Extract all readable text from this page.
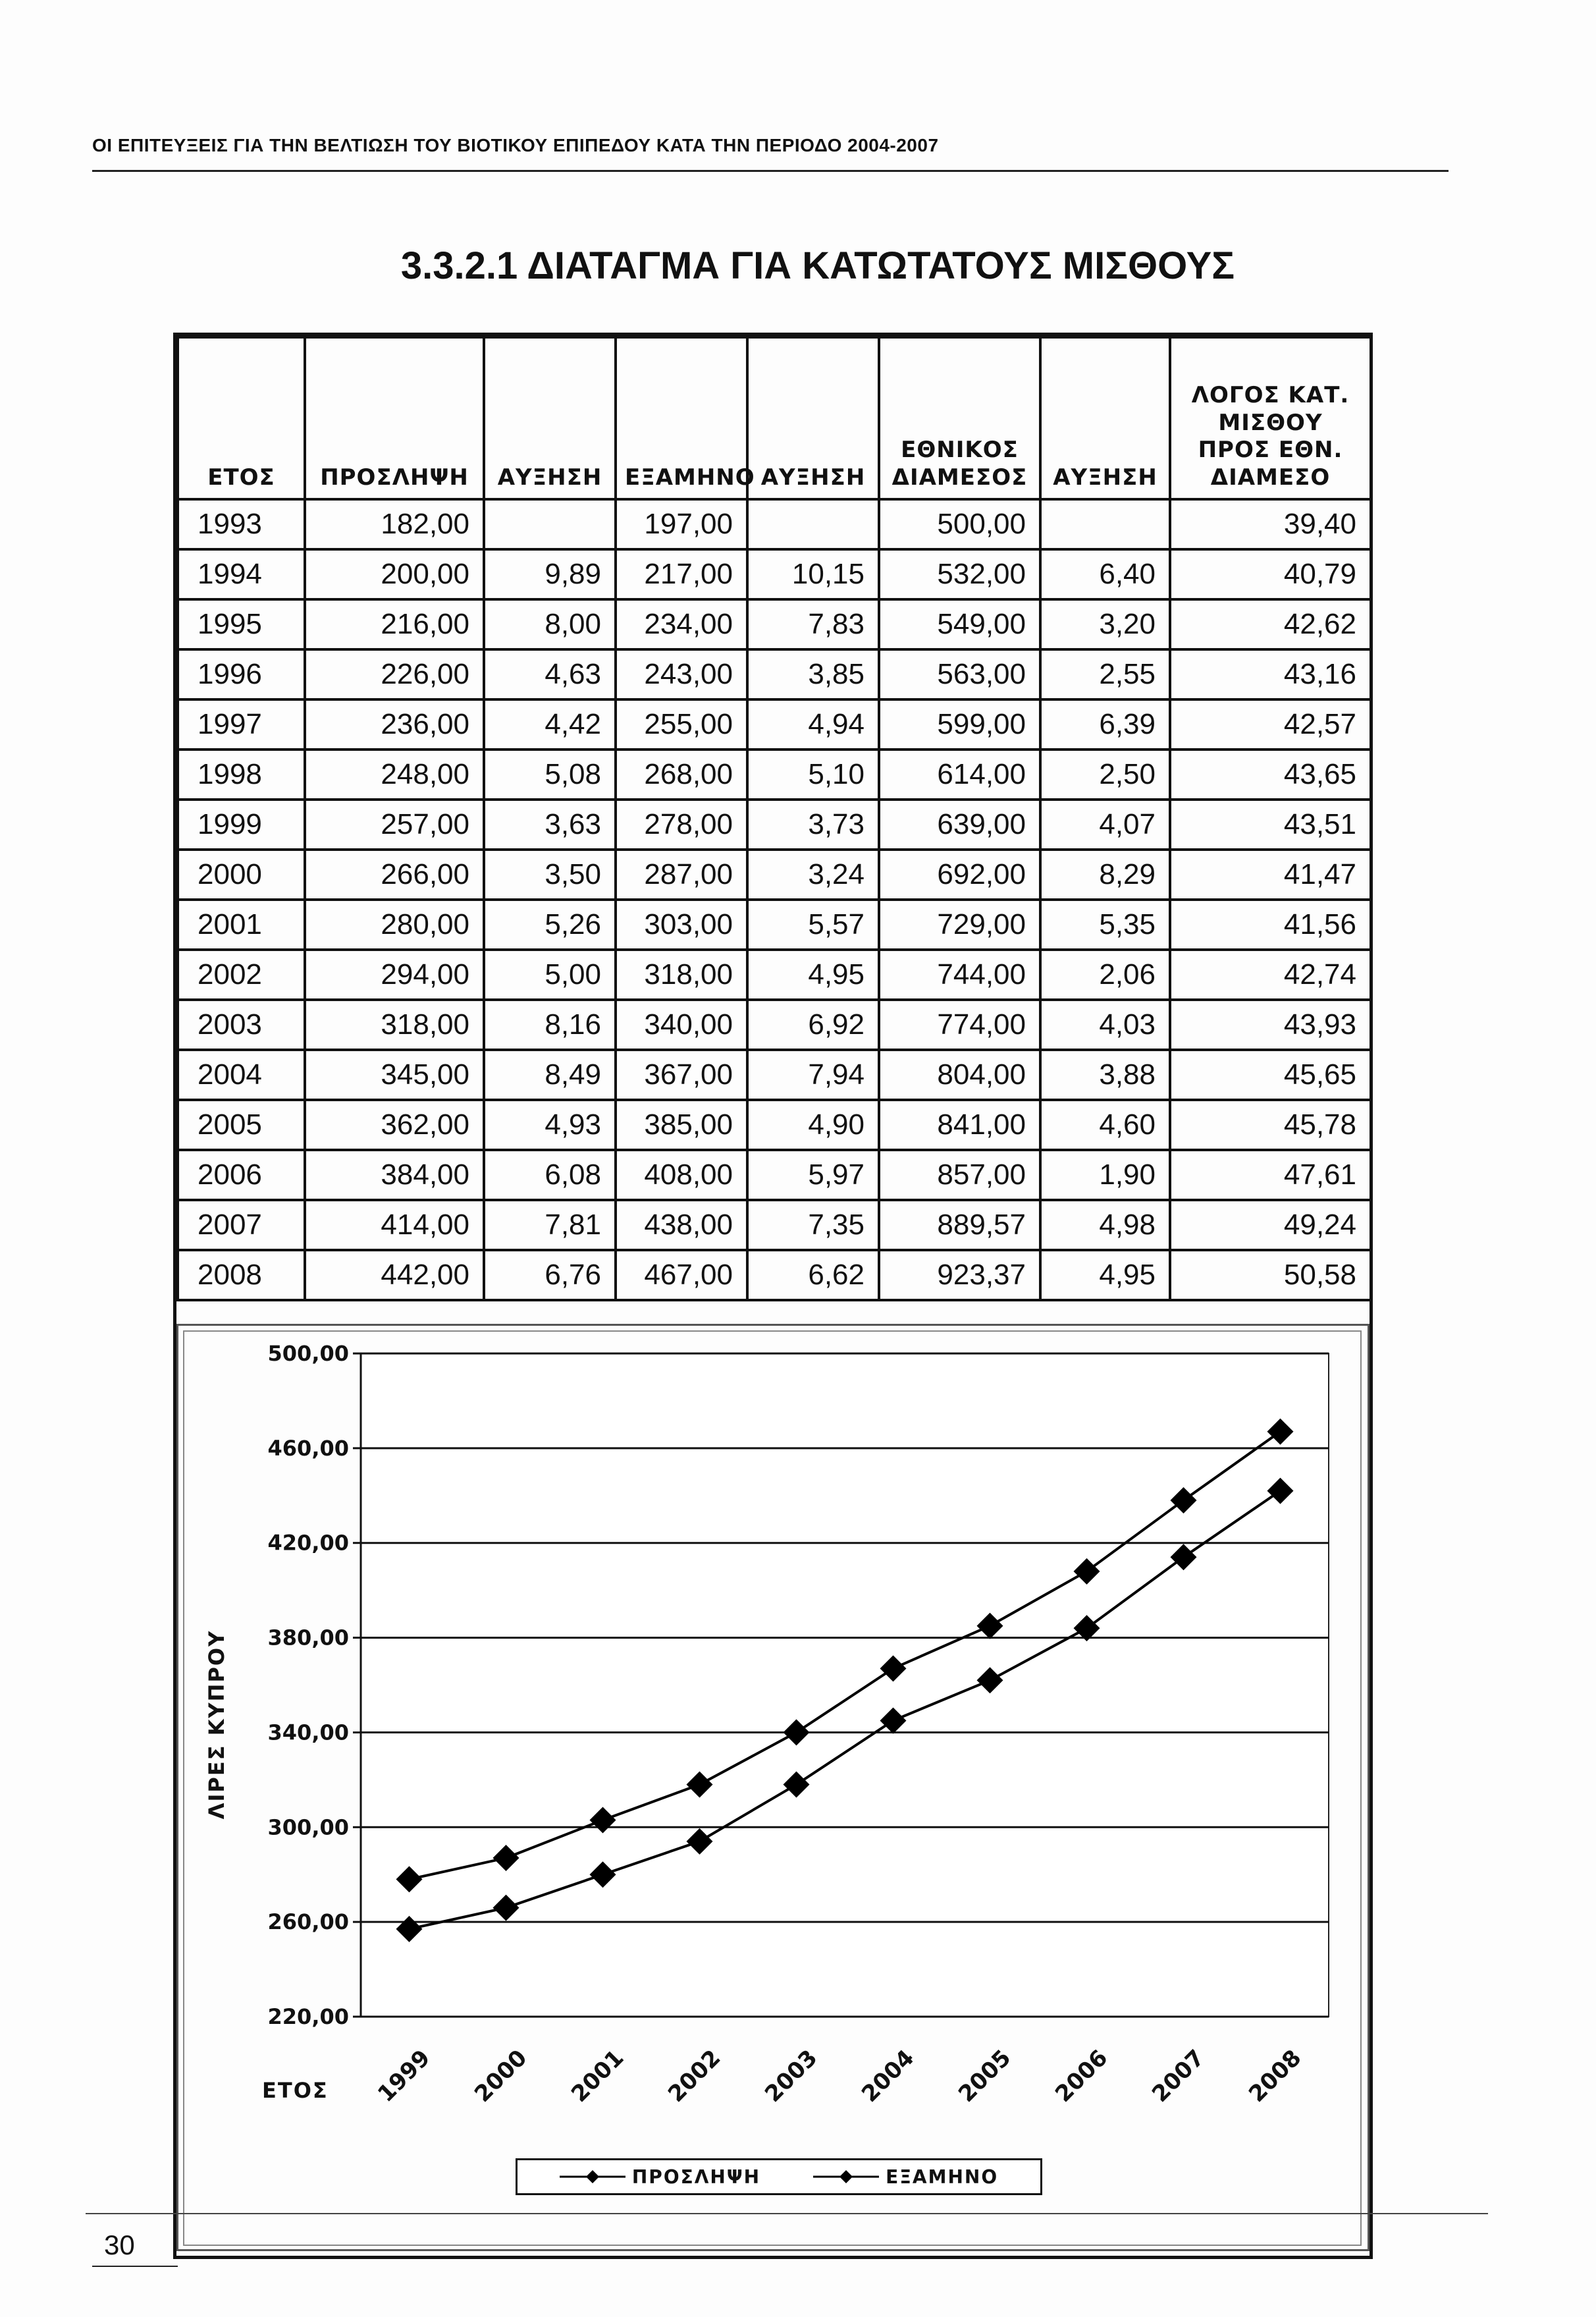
ΟΙ ΕΠΙΤΕΥΞΕΙΣ ΓΙΑ ΤΗΝ ΒΕΛΤΙΩΣΗ ΤΟΥ ΒΙΟΤΙΚΟΥ ΕΠΙΠΕΔΟΥ ΚΑΤΑ ΤΗΝ ΠΕΡΙΟΔΟ 2004-2007
3.3.2.1 ΔΙΑΤΑΓΜΑ ΓΙΑ ΚΑΤΩΤΑΤΟΥΣ ΜΙΣΘΟΥΣ
ΕΤΟΣ	ΠΡΟΣΛΗΨΗ	ΑΥΞΗΣΗ	ΕΞΑΜΗΝΟ	ΑΥΞΗΣΗ	ΕΘΝΙΚΟΣ ΔΙΑΜΕΣΟΣ	ΑΥΞΗΣΗ	ΛΟΓΟΣ ΚΑΤ. ΜΙΣΘΟΥ ΠΡΟΣ ΕΘΝ. ΔΙΑΜΕΣΟ
1993	182,00		197,00		500,00		39,40
1994	200,00	9,89	217,00	10,15	532,00	6,40	40,79
1995	216,00	8,00	234,00	7,83	549,00	3,20	42,62
1996	226,00	4,63	243,00	3,85	563,00	2,55	43,16
1997	236,00	4,42	255,00	4,94	599,00	6,39	42,57
1998	248,00	5,08	268,00	5,10	614,00	2,50	43,65
1999	257,00	3,63	278,00	3,73	639,00	4,07	43,51
2000	266,00	3,50	287,00	3,24	692,00	8,29	41,47
2001	280,00	5,26	303,00	5,57	729,00	5,35	41,56
2002	294,00	5,00	318,00	4,95	744,00	2,06	42,74
2003	318,00	8,16	340,00	6,92	774,00	4,03	43,93
2004	345,00	8,49	367,00	7,94	804,00	3,88	45,65
2005	362,00	4,93	385,00	4,90	841,00	4,60	45,78
2006	384,00	6,08	408,00	5,97	857,00	1,90	47,61
2007	414,00	7,81	438,00	7,35	889,57	4,98	49,24
2008	442,00	6,76	467,00	6,62	923,37	4,95	50,58
500,00
460,00
420,00
380,00
340,00
300,00
260,00
220,00
ΛΙΡΕΣ ΚΥΠΡΟΥ
ΕΤΟΣ 1999 2000 2001 2002 2003 2004 2005 2006 2007 2008
ΠΡΟΣΛΗΨΗ	ΕΞΑΜΗΝΟ
30
